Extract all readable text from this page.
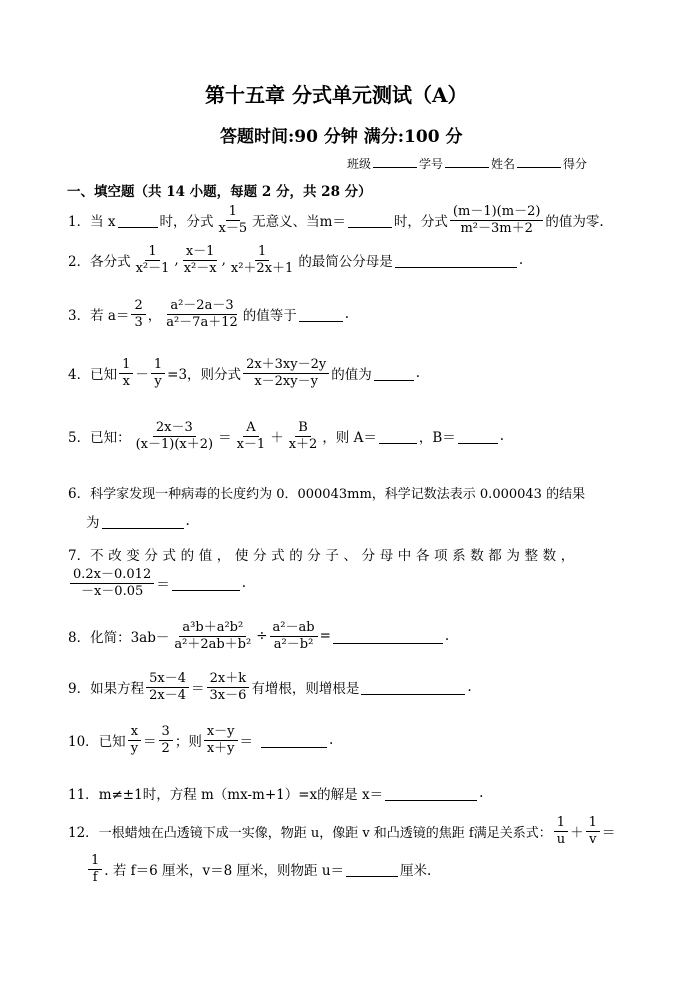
第十五章 分式单元测试（A）
答题时间:90 分钟 满分:100 分
班级	学号	姓名	得分
一、填空题（共 14 小题，每题 2 分，共 28 分）
1． 当 x	时，分式 $\frac{1}{x-5}$ 无意义、当m＝	时，分式 $\frac{(m-1)(m-2)}{\text{m²－3m＋2}}$ 的值为零.
2． 各分式 $\frac{1}{\text{x²－1}}$ , $\frac{x-1}{\text{x²－x}}$ , $\frac{1}{\text{x²＋2x＋1}}$ 的最简公分母是	.
3． 若 $a= \frac{2}{3}$ ， $\frac{\text{a²－2a－3}}{\text{a²－7a＋12}}$ 的值等于	.
4． 已知 $\frac{1}{x} - \frac{1}{y} =3$，则分式 $\frac{2x+3xy-2y}{x-2xy-y}$ 的值为	.
5． 已知： $\frac{2x-3}{(x-1)(x+2)} = \frac{A}{x-1} + \frac{B}{x+2}$ ，则 A＝	，B＝	.
6． 科学家发现一种病毒的长度约为 0．000043mm，科学记数法表示 0.000043 的结果
为	.
7． 不改变分式的值，使分式的分子、分母中各项系数都为整数，
$\frac{0.2x-0.012}{-x-0.05}$ ＝	.
8． 化简：$3ab- \frac{\text{a³b＋a²b²}}{\text{a²＋2ab＋b²}} \div \frac{\text{a²－ab}}{\text{a²－b²}}$ =	.
9． 如果方程 $\frac{5x-4}{2x-4} = \frac{2x+k}{3x-6}$ 有增根，则增根是	.
10． 已知 $\frac{x}{y} = \frac{3}{2}$ ；则 $\frac{x-y}{x+y}$ ＝	.
11． m≠±1时，方程 m（mx-m+1）=x的解是 x＝	.
12． 一根蜡烛在凸透镜下成一实像，物距 u，像距 v 和凸透镜的焦距 f满足关系式： $\frac{1}{u} + \frac{1}{v}$ ＝
$\frac{1}{f}$ . 若 f＝6 厘米，v＝8 厘米，则物距 u＝	厘米.
